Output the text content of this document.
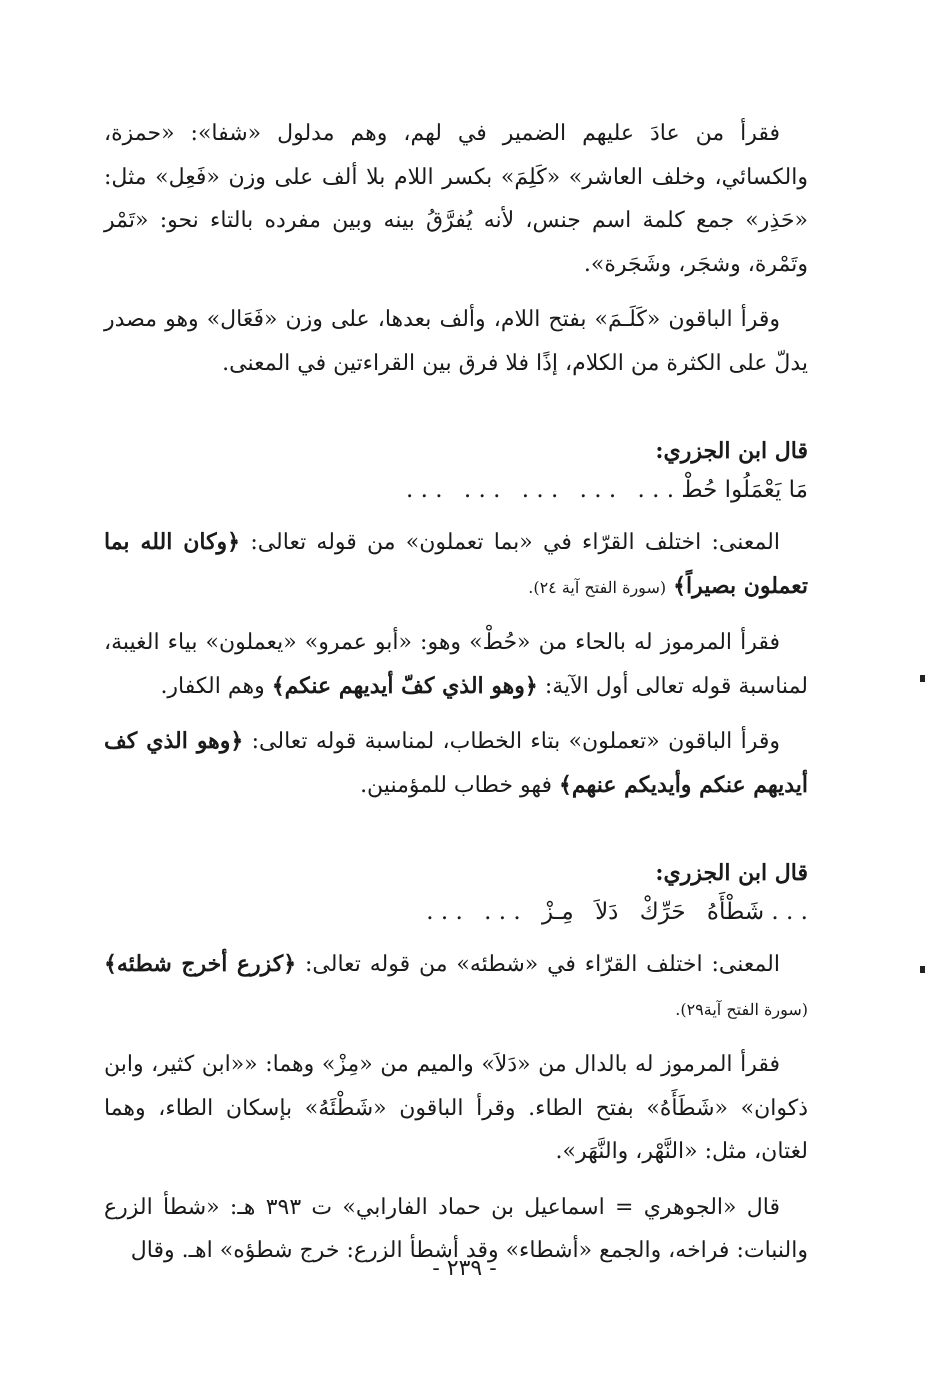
فقرأ من عادَ عليهم الضمير في لهم، وهم مدلول «شفا»: «حمزة، والكسائي، وخلف العاشر» «كَلِمَ» بكسر اللام بلا ألف على وزن «فَعِل» مثل: «حَذِر» جمع كلمة اسم جنس، لأنه يُفرَّقُ بينه وبين مفرده بالتاء نحو: «تَمْر وتَمْرة، وشجَر، وشَجَرة».

وقرأ الباقون «كَلَـمَ» بفتح اللام، وألف بعدها، على وزن «فَعَال» وهو مصدر يدلّ على الكثرة من الكلام، إذًا فلا فرق بين القراءتين في المعنى.

قال ابن الجزري:

مَا يَعْمَلُوا حُطْ . . . . . . . . . . . . . . .

المعنى: اختلف القرّاء في «بما تعملون» من قوله تعالى: ﴿وكان الله بما تعملون بصيراً﴾ (سورة الفتح آية ٢٤).

فقرأ المرموز له بالحاء من «حُطْ» وهو: «أبو عمرو» «يعملون» بياء الغيبة، لمناسبة قوله تعالى أول الآية: ﴿وهو الذي كفّ أيديهم عنكم﴾ وهم الكفار.

وقرأ الباقون «تعملون» بتاء الخطاب، لمناسبة قوله تعالى: ﴿وهو الذي كف أيديهم عنكم وأيديكم عنهم﴾ فهو خطاب للمؤمنين.

قال ابن الجزري:

. . . شَطْأَهُ حَرِّكْ دَلاَ مِـزْ . . . . . .

المعنى: اختلف القرّاء في «شطئه» من قوله تعالى: ﴿كزرع أخرج شطئه﴾ (سورة الفتح آية٢٩).

فقرأ المرموز له بالدال من «دَلاَ» والميم من «مِزْ» وهما: ««ابن كثير، وابن ذكوان» «شَطَأَهُ» بفتح الطاء. وقرأ الباقون «شَطْئَهُ» بإسكان الطاء، وهما لغتان، مثل: «النَّهْر، والنَّهَر».

قال «الجوهري = اسماعيل بن حماد الفارابي» ت ٣٩٣ هـ: «شطأ الزرع والنبات: فراخه، والجمع «أشطاء» وقد أشطأ الزرع: خرج شطؤه» اهـ. وقال

- ٢٣٩ -
